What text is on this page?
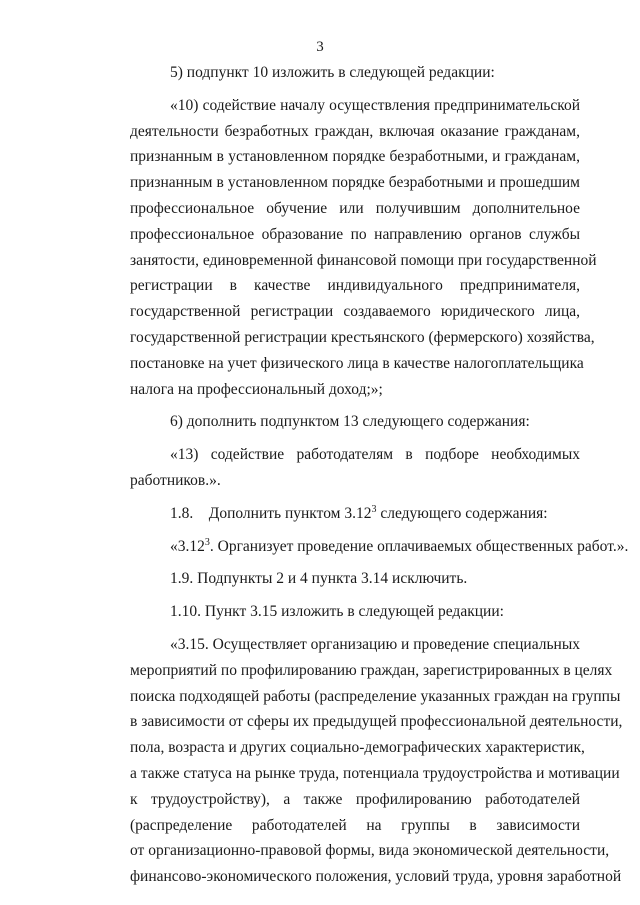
3
5) подпункт 10 изложить в следующей редакции:
«10) содействие началу осуществления предпринимательской
деятельности безработных граждан, включая оказание гражданам,
признанным в установленном порядке безработными, и гражданам,
признанным в установленном порядке безработными и прошедшим
профессиональное обучение или получившим дополнительное
профессиональное образование по направлению органов службы
занятости, единовременной финансовой помощи при государственной
регистрации в качестве индивидуального предпринимателя,
государственной регистрации создаваемого юридического лица,
государственной регистрации крестьянского (фермерского) хозяйства,
постановке на учет физического лица в качестве налогоплательщика
налога на профессиональный доход;»;
6) дополнить подпунктом 13 следующего содержания:
«13) содействие работодателям в подборе необходимых
работников.».
1.8.    Дополнить пунктом 3.12$^3$ следующего содержания:
«3.12$^3$. Организует проведение оплачиваемых общественных работ.».
1.9. Подпункты 2 и 4 пункта 3.14 исключить.
1.10. Пункт 3.15 изложить в следующей редакции:
«3.15. Осуществляет организацию и проведение специальных
мероприятий по профилированию граждан, зарегистрированных в целях
поиска подходящей работы (распределение указанных граждан на группы
в зависимости от сферы их предыдущей профессиональной деятельности,
пола, возраста и других социально-демографических характеристик,
а также статуса на рынке труда, потенциала трудоустройства и мотивации
к трудоустройству), а также профилированию работодателей
(распределение работодателей на группы в зависимости
от организационно-правовой формы, вида экономической деятельности,
финансово-экономического положения, условий труда, уровня заработной
